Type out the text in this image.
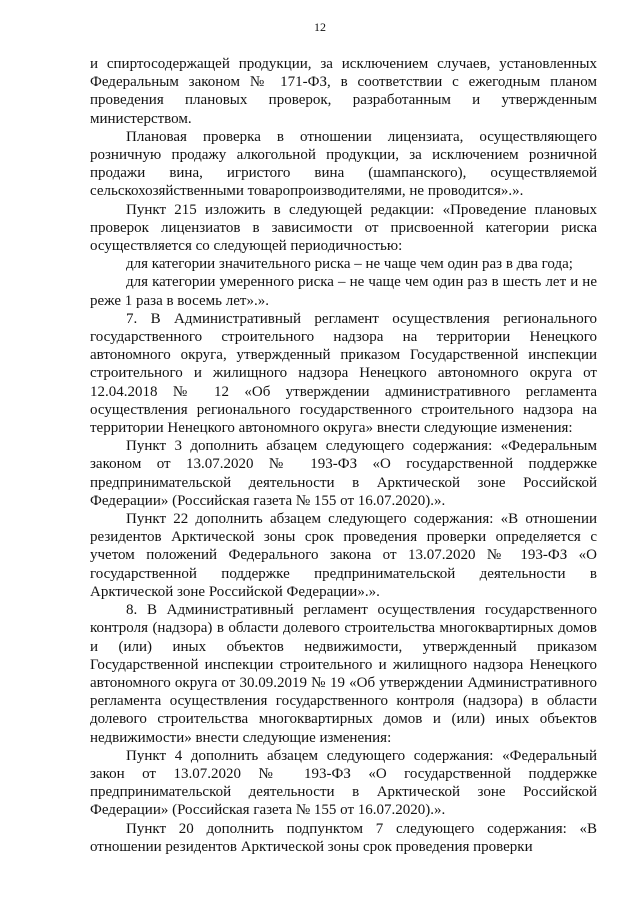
12

и спиртосодержащей продукции, за исключением случаев, установленных Федеральным законом № 171-ФЗ, в соответствии с ежегодным планом проведения плановых проверок, разработанным и утвержденным министерством.

Плановая проверка в отношении лицензиата, осуществляющего розничную продажу алкогольной продукции, за исключением розничной продажи вина, игристого вина (шампанского), осуществляемой сельскохозяйственными товаропроизводителями, не проводится».».

Пункт 215 изложить в следующей редакции: «Проведение плановых проверок лицензиатов в зависимости от присвоенной категории риска осуществляется со следующей периодичностью:

для категории значительного риска – не чаще чем один раз в два года;

для категории умеренного риска – не чаще чем один раз в шесть лет и не реже 1 раза в восемь лет».».

7. В Административный регламент осуществления регионального государственного строительного надзора на территории Ненецкого автономного округа, утвержденный приказом Государственной инспекции строительного и жилищного надзора Ненецкого автономного округа от 12.04.2018 № 12 «Об утверждении административного регламента осуществления регионального государственного строительного надзора на территории Ненецкого автономного округа» внести следующие изменения:

Пункт 3 дополнить абзацем следующего содержания: «Федеральным законом от 13.07.2020 № 193-ФЗ «О государственной поддержке предпринимательской деятельности в Арктической зоне Российской Федерации» (Российская газета № 155 от 16.07.2020).».

Пункт 22 дополнить абзацем следующего содержания: «В отношении резидентов Арктической зоны срок проведения проверки определяется с учетом положений Федерального закона от 13.07.2020 № 193-ФЗ «О государственной поддержке предпринимательской деятельности в Арктической зоне Российской Федерации».».

8. В Административный регламент осуществления государственного контроля (надзора) в области долевого строительства многоквартирных домов и (или) иных объектов недвижимости, утвержденный приказом Государственной инспекции строительного и жилищного надзора Ненецкого автономного округа от 30.09.2019 № 19 «Об утверждении Административного регламента осуществления государственного контроля (надзора) в области долевого строительства многоквартирных домов и (или) иных объектов недвижимости» внести следующие изменения:

Пункт 4 дополнить абзацем следующего содержания: «Федеральный закон от 13.07.2020 № 193-ФЗ «О государственной поддержке предпринимательской деятельности в Арктической зоне Российской Федерации» (Российская газета № 155 от 16.07.2020).».

Пункт 20 дополнить подпунктом 7 следующего содержания: «В отношении резидентов Арктической зоны срок проведения проверки
